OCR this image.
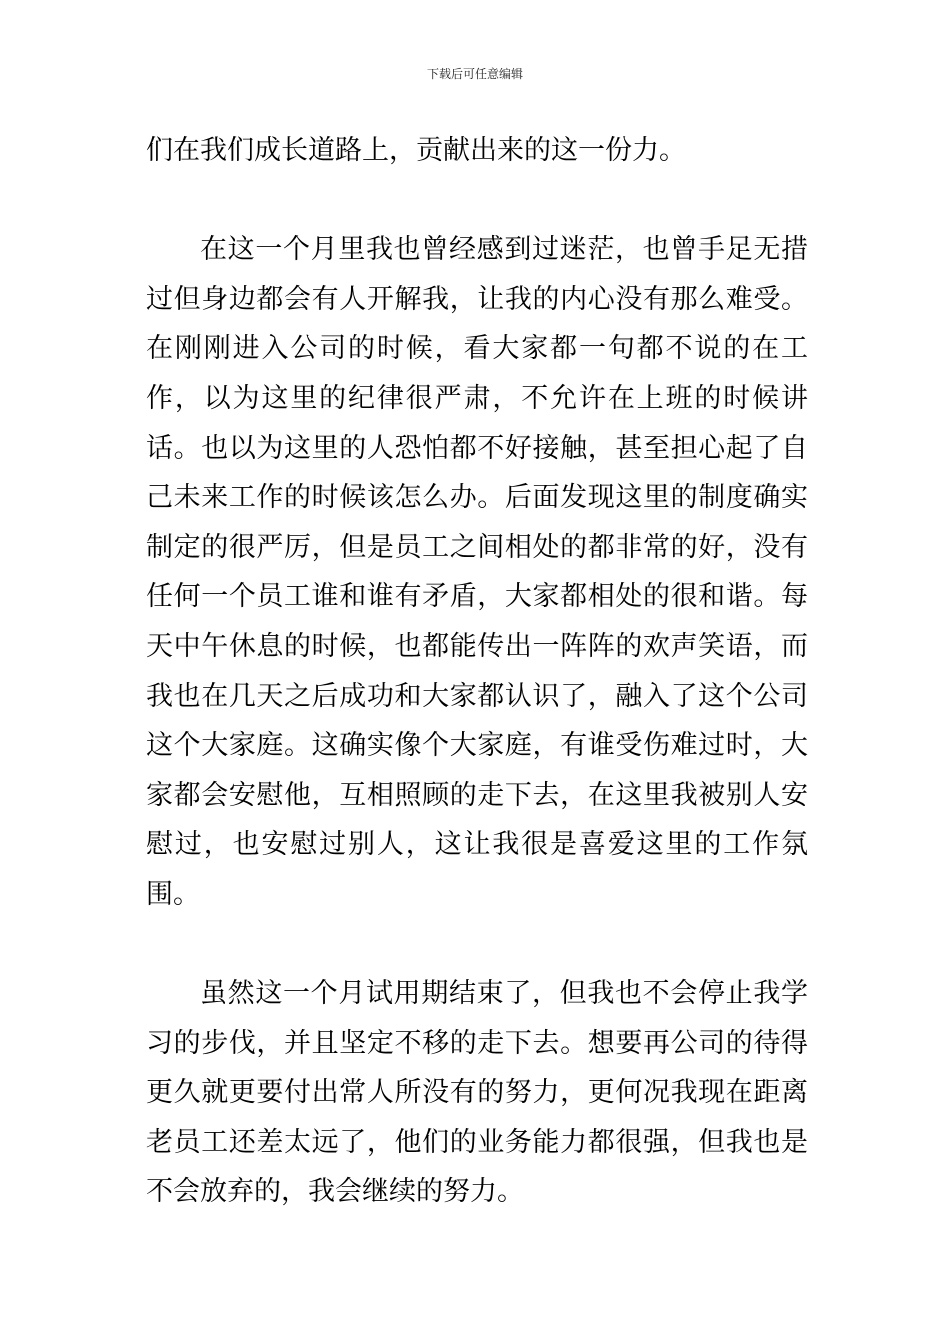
下载后可任意编辑

们在我们成长道路上，贡献出来的这一份力。

在这一个月里我也曾经感到过迷茫，也曾手足无措过但身边都会有人开解我，让我的内心没有那么难受。在刚刚进入公司的时候，看大家都一句都不说的在工作，以为这里的纪律很严肃，不允许在上班的时候讲话。也以为这里的人恐怕都不好接触，甚至担心起了自己未来工作的时候该怎么办。后面发现这里的制度确实制定的很严厉，但是员工之间相处的都非常的好，没有任何一个员工谁和谁有矛盾，大家都相处的很和谐。每天中午休息的时候，也都能传出一阵阵的欢声笑语，而我也在几天之后成功和大家都认识了，融入了这个公司这个大家庭。这确实像个大家庭，有谁受伤难过时，大家都会安慰他，互相照顾的走下去，在这里我被别人安慰过，也安慰过别人，这让我很是喜爱这里的工作氛围。

虽然这一个月试用期结束了，但我也不会停止我学习的步伐，并且坚定不移的走下去。想要再公司的待得更久就更要付出常人所没有的努力，更何况我现在距离老员工还差太远了，他们的业务能力都很强，但我也是不会放弃的，我会继续的努力。
